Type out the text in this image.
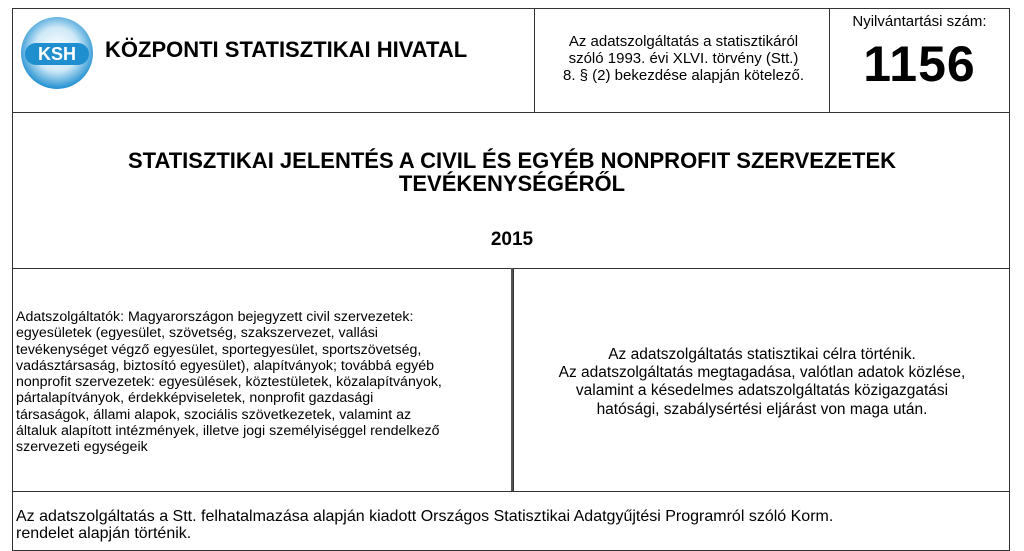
KSH KÖZPONTI STATISZTIKAI HIVATAL	Az adatszolgáltatás a statisztikáról
szóló 1993. évi XLVI. törvény (Stt.)
8. § (2) bekezdése alapján kötelező.
Nyilvántartási szám:
1156
STATISZTIKAI JELENTÉS A CIVIL ÉS EGYÉB NONPROFIT SZERVEZETEK
TEVÉKENYSÉGÉRŐL
2015
Adatszolgáltatók: Magyarországon bejegyzett civil szervezetek:
egyesületek (egyesület, szövetség, szakszervezet, vallási
tevékenységet végző egyesület, sportegyesület, sportszövetség,
vadásztársaság, biztosító egyesület), alapítványok; továbbá egyéb
nonprofit szervezetek: egyesülések, köztestületek, közalapítványok,
pártalapítványok, érdekképviseletek, nonprofit gazdasági
társaságok, állami alapok, szociális szövetkezetek, valamint az
általuk alapított intézmények, illetve jogi személyiséggel rendelkező
szervezeti egységeik
Az adatszolgáltatás statisztikai célra történik.
Az adatszolgáltatás megtagadása, valótlan adatok közlése,
valamint a késedelmes adatszolgáltatás közigazgatási
hatósági, szabálysértési eljárást von maga után.
Az adatszolgáltatás a Stt. felhatalmazása alapján kiadott Országos Statisztikai Adatgyűjtési Programról szóló Korm.
rendelet alapján történik.
